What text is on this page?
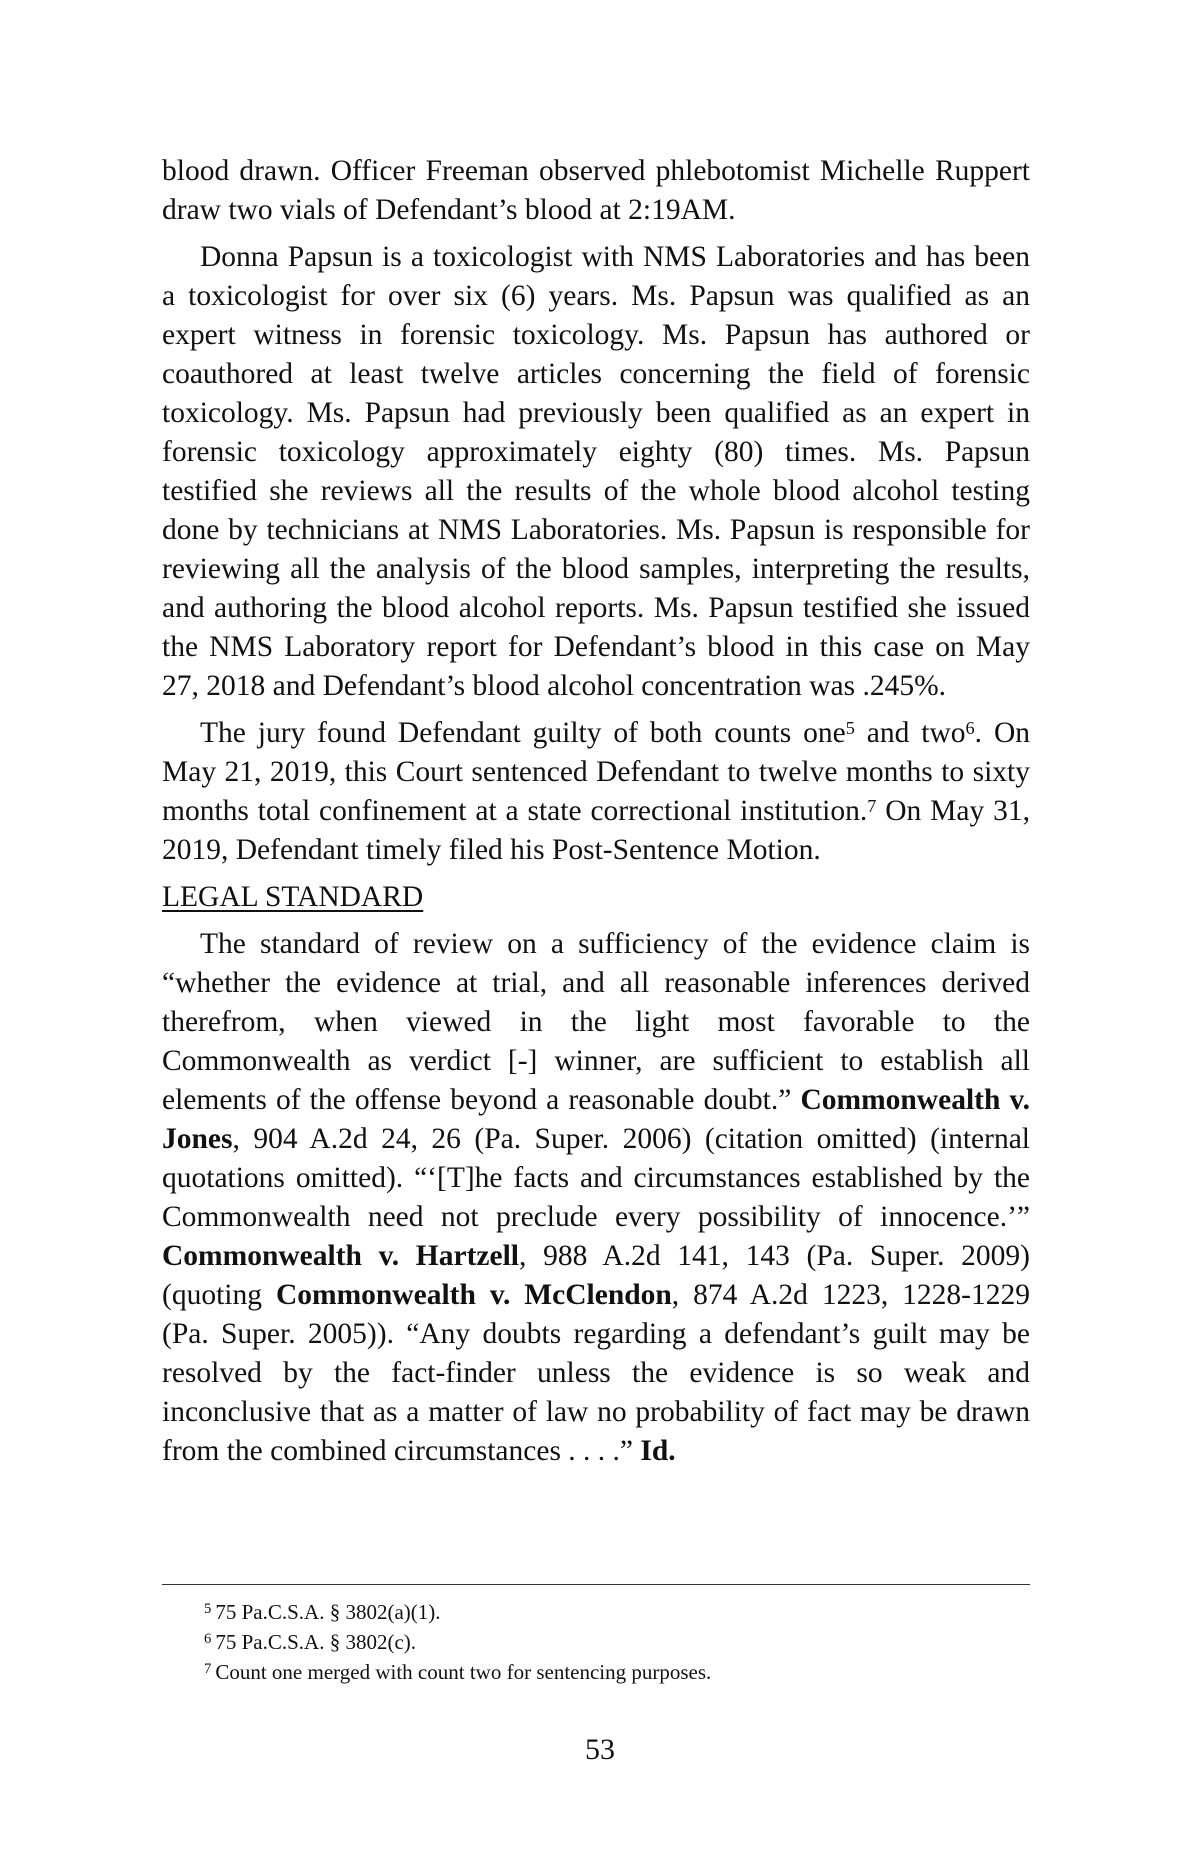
blood drawn. Officer Freeman observed phlebotomist Michelle Ruppert draw two vials of Defendant’s blood at 2:19AM.

Donna Papsun is a toxicologist with NMS Laboratories and has been a toxicologist for over six (6) years. Ms. Papsun was qualified as an expert witness in forensic toxicology. Ms. Papsun has authored or coauthored at least twelve articles concerning the field of forensic toxicology. Ms. Papsun had previously been qualified as an expert in forensic toxicology approximately eighty (80) times. Ms. Papsun testified she reviews all the results of the whole blood alcohol testing done by technicians at NMS Laboratories. Ms. Papsun is responsible for reviewing all the analysis of the blood samples, interpreting the results, and authoring the blood alcohol reports. Ms. Papsun testified she issued the NMS Laboratory report for Defendant’s blood in this case on May 27, 2018 and Defendant’s blood alcohol concentration was .245%.

The jury found Defendant guilty of both counts one$^5$ and two$^6$. On May 21, 2019, this Court sentenced Defendant to twelve months to sixty months total confinement at a state correctional institution.$^7$ On May 31, 2019, Defendant timely filed his Post-Sentence Motion.

LEGAL STANDARD

The standard of review on a sufficiency of the evidence claim is “whether the evidence at trial, and all reasonable inferences derived therefrom, when viewed in the light most favorable to the Commonwealth as verdict [-] winner, are sufficient to establish all elements of the offense beyond a reasonable doubt.” Commonwealth v. Jones, 904 A.2d 24, 26 (Pa. Super. 2006) (citation omitted) (internal quotations omitted). “‘[T]he facts and circumstances established by the Commonwealth need not preclude every possibility of innocence.’” Commonwealth v. Hartzell, 988 A.2d 141, 143 (Pa. Super. 2009) (quoting Commonwealth v. McClendon, 874 A.2d 1223, 1228-1229 (Pa. Super. 2005)). “Any doubts regarding a defendant’s guilt may be resolved by the fact-finder unless the evidence is so weak and inconclusive that as a matter of law no probability of fact may be drawn from the combined circumstances . . . .” Id.

$^5$ 75 Pa.C.S.A. § 3802(a)(1).
$^6$ 75 Pa.C.S.A. § 3802(c).
$^7$ Count one merged with count two for sentencing purposes.
53
